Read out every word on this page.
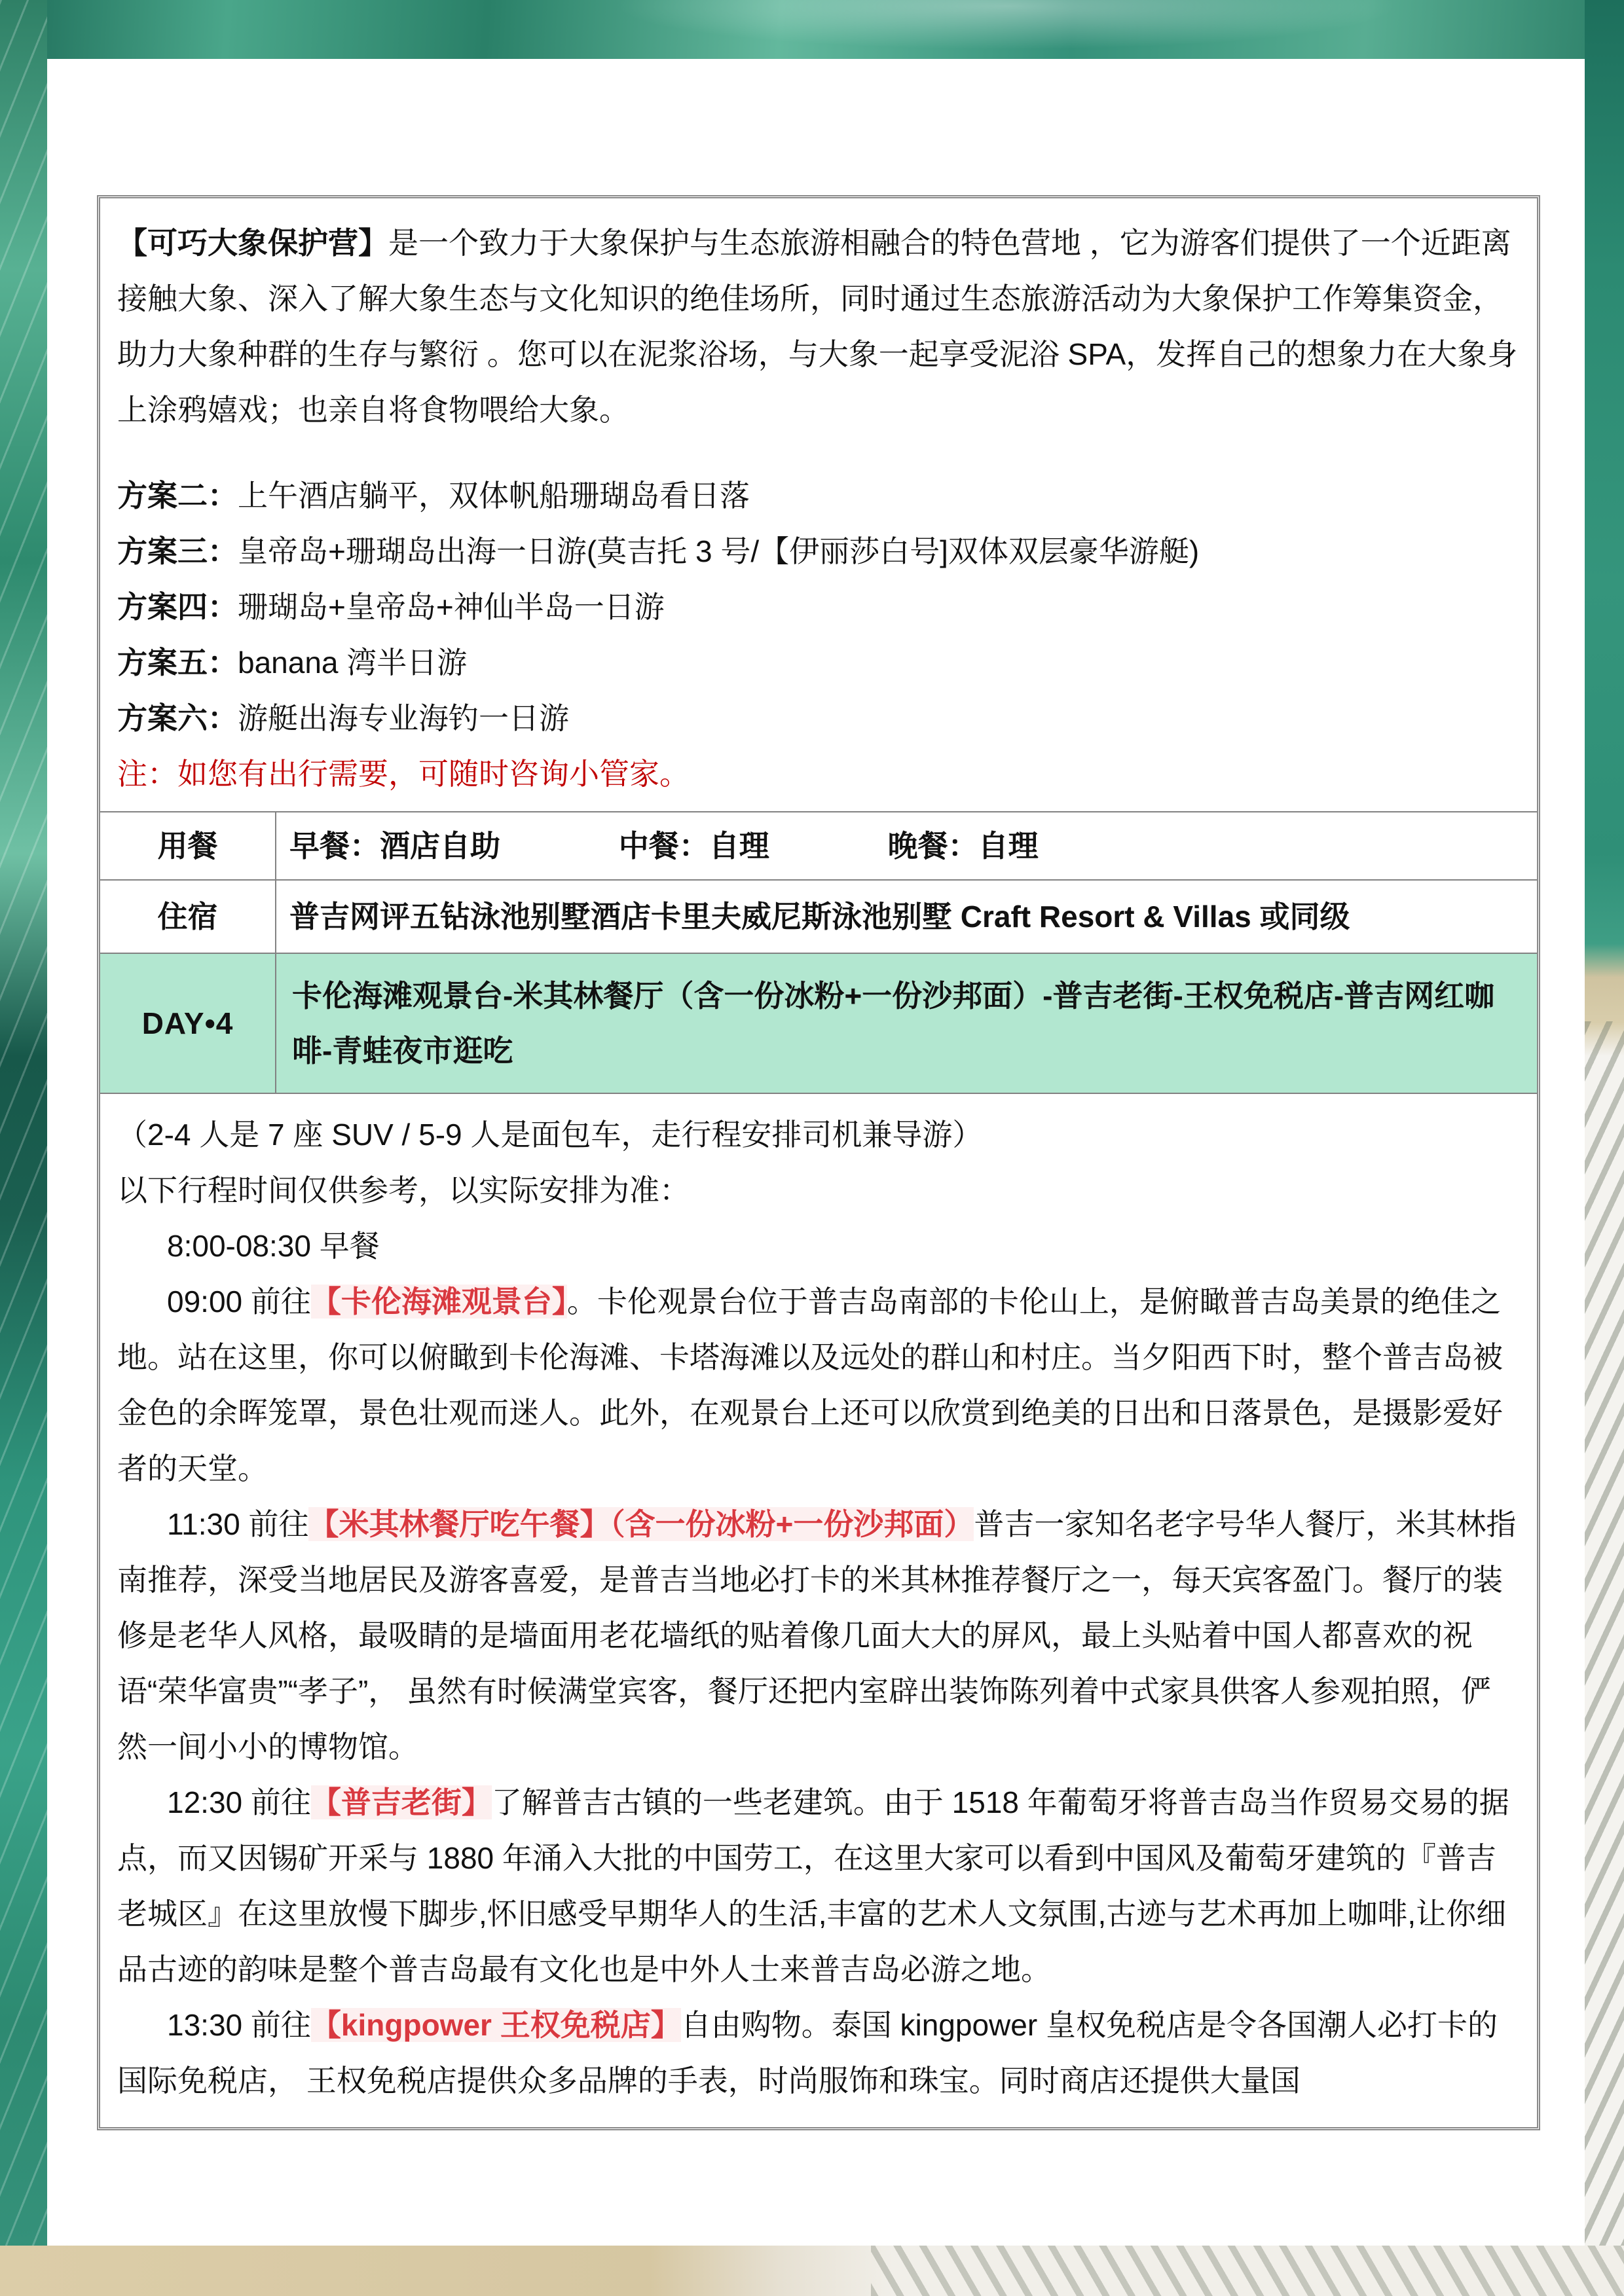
【可巧大象保护营】是一个致力于大象保护与生态旅游相融合的特色营地 ，它为游客们提供了一个近距离接触大象、深入了解大象生态与文化知识的绝佳场所，同时通过生态旅游活动为大象保护工作筹集资金，助力大象种群的生存与繁衍 。您可以在泥浆浴场，与大象一起享受泥浴 SPA，发挥自己的想象力在大象身上涂鸦嬉戏；也亲自将食物喂给大象。

方案二：上午酒店躺平，双体帆船珊瑚岛看日落
方案三：皇帝岛+珊瑚岛出海一日游(莫吉托 3 号/【伊丽莎白号]双体双层豪华游艇)
方案四：珊瑚岛+皇帝岛+神仙半岛一日游
方案五：banana 湾半日游
方案六：游艇出海专业海钓一日游
注：如您有出行需要，可随时咨询小管家。
用餐	早餐：酒店自助 中餐：自理 晚餐：自理
住宿	普吉网评五钻泳池别墅酒店卡里夫威尼斯泳池别墅 Craft Resort & Villas 或同级
DAY•4	卡伦海滩观景台-米其林餐厅（含一份冰粉+一份沙邦面）-普吉老街-王权免税店-普吉网红咖啡-青蛙夜市逛吃

（2-4 人是 7 座 SUV / 5-9 人是面包车，走行程安排司机兼导游）

以下行程时间仅供参考，以实际安排为准：

8:00-08:30 早餐

09:00 前往【卡伦海滩观景台】。卡伦观景台位于普吉岛南部的卡伦山上，是俯瞰普吉岛美景的绝佳之地。站在这里，你可以俯瞰到卡伦海滩、卡塔海滩以及远处的群山和村庄。当夕阳西下时，整个普吉岛被金色的余晖笼罩，景色壮观而迷人。此外，在观景台上还可以欣赏到绝美的日出和日落景色，是摄影爱好者的天堂。

11:30 前往【米其林餐厅吃午餐】（含一份冰粉+一份沙邦面）普吉一家知名老字号华人餐厅，米其林指南推荐，深受当地居民及游客喜爱，是普吉当地必打卡的米其林推荐餐厅之一，每天宾客盈门。餐厅的装修是老华人风格，最吸睛的是墙面用老花墙纸的贴着像几面大大的屏风，最上头贴着中国人都喜欢的祝语“荣华富贵”“孝子”， 虽然有时候满堂宾客，餐厅还把内室辟出装饰陈列着中式家具供客人参观拍照，俨然一间小小的博物馆。

12:30 前往【普吉老街】了解普吉古镇的一些老建筑。由于 1518 年葡萄牙将普吉岛当作贸易交易的据点，而又因锡矿开采与 1880 年涌入大批的中国劳工，在这里大家可以看到中国风及葡萄牙建筑的『普吉老城区』在这里放慢下脚步,怀旧感受早期华人的生活,丰富的艺术人文氛围,古迹与艺术再加上咖啡,让你细品古迹的韵味是整个普吉岛最有文化也是中外人士来普吉岛必游之地。

13:30 前往【kingpower 王权免税店】自由购物。泰国 kingpower 皇权免税店是令各国潮人必打卡的国际免税店， 王权免税店提供众多品牌的手表，时尚服饰和珠宝。同时商店还提供大量国
